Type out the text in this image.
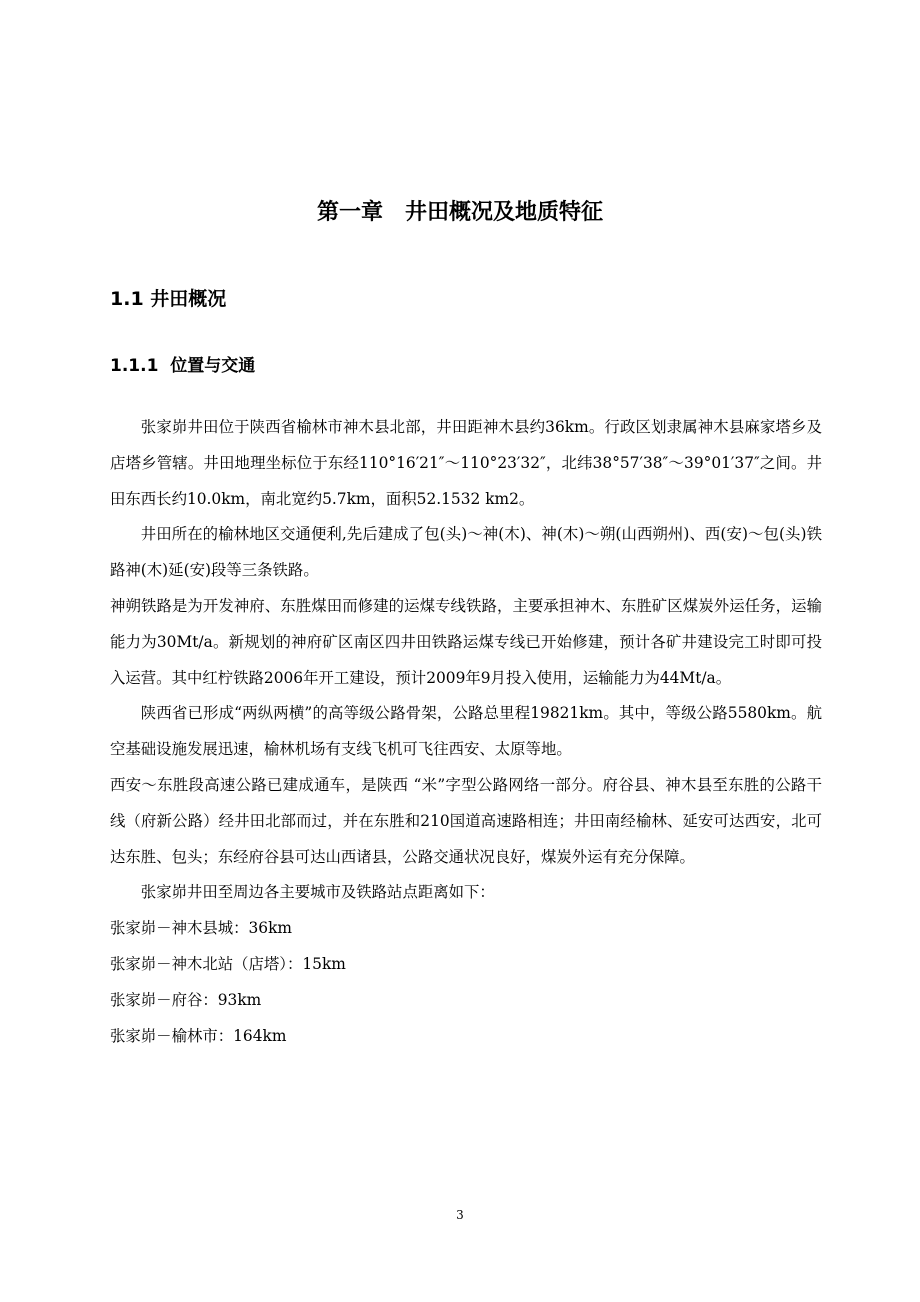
第一章　井田概况及地质特征
1.1 井田概况
1.1.1  位置与交通

张家峁井田位于陕西省榆林市神木县北部，井田距神木县约36km。行政区划隶属神木县麻家塔乡及店塔乡管辖。井田地理坐标位于东经110°16′21″～110°23′32″，北纬38°57′38″～39°01′37″之间。井田东西长约10.0km，南北宽约5.7km，面积52.1532 km2。

井田所在的榆林地区交通便利,先后建成了包(头)～神(木)、神(木)～朔(山西朔州)、西(安)～包(头)铁路神(木)延(安)段等三条铁路。

神朔铁路是为开发神府、东胜煤田而修建的运煤专线铁路，主要承担神木、东胜矿区煤炭外运任务，运输能力为30Mt/a。新规划的神府矿区南区四井田铁路运煤专线已开始修建，预计各矿井建设完工时即可投入运营。其中红柠铁路2006年开工建设，预计2009年9月投入使用，运输能力为44Mt/a。

陕西省已形成“两纵两横”的高等级公路骨架，公路总里程19821km。其中，等级公路5580km。航空基础设施发展迅速，榆林机场有支线飞机可飞往西安、太原等地。

西安～东胜段高速公路已建成通车，是陕西 “米”字型公路网络一部分。府谷县、神木县至东胜的公路干线（府新公路）经井田北部而过，并在东胜和210国道高速路相连；井田南经榆林、延安可达西安，北可达东胜、包头；东经府谷县可达山西诸县，公路交通状况良好，煤炭外运有充分保障。

张家峁井田至周边各主要城市及铁路站点距离如下：

张家峁－神木县城：36km

张家峁－神木北站（店塔）：15km

张家峁－府谷：93km

张家峁－榆林市：164km

3
